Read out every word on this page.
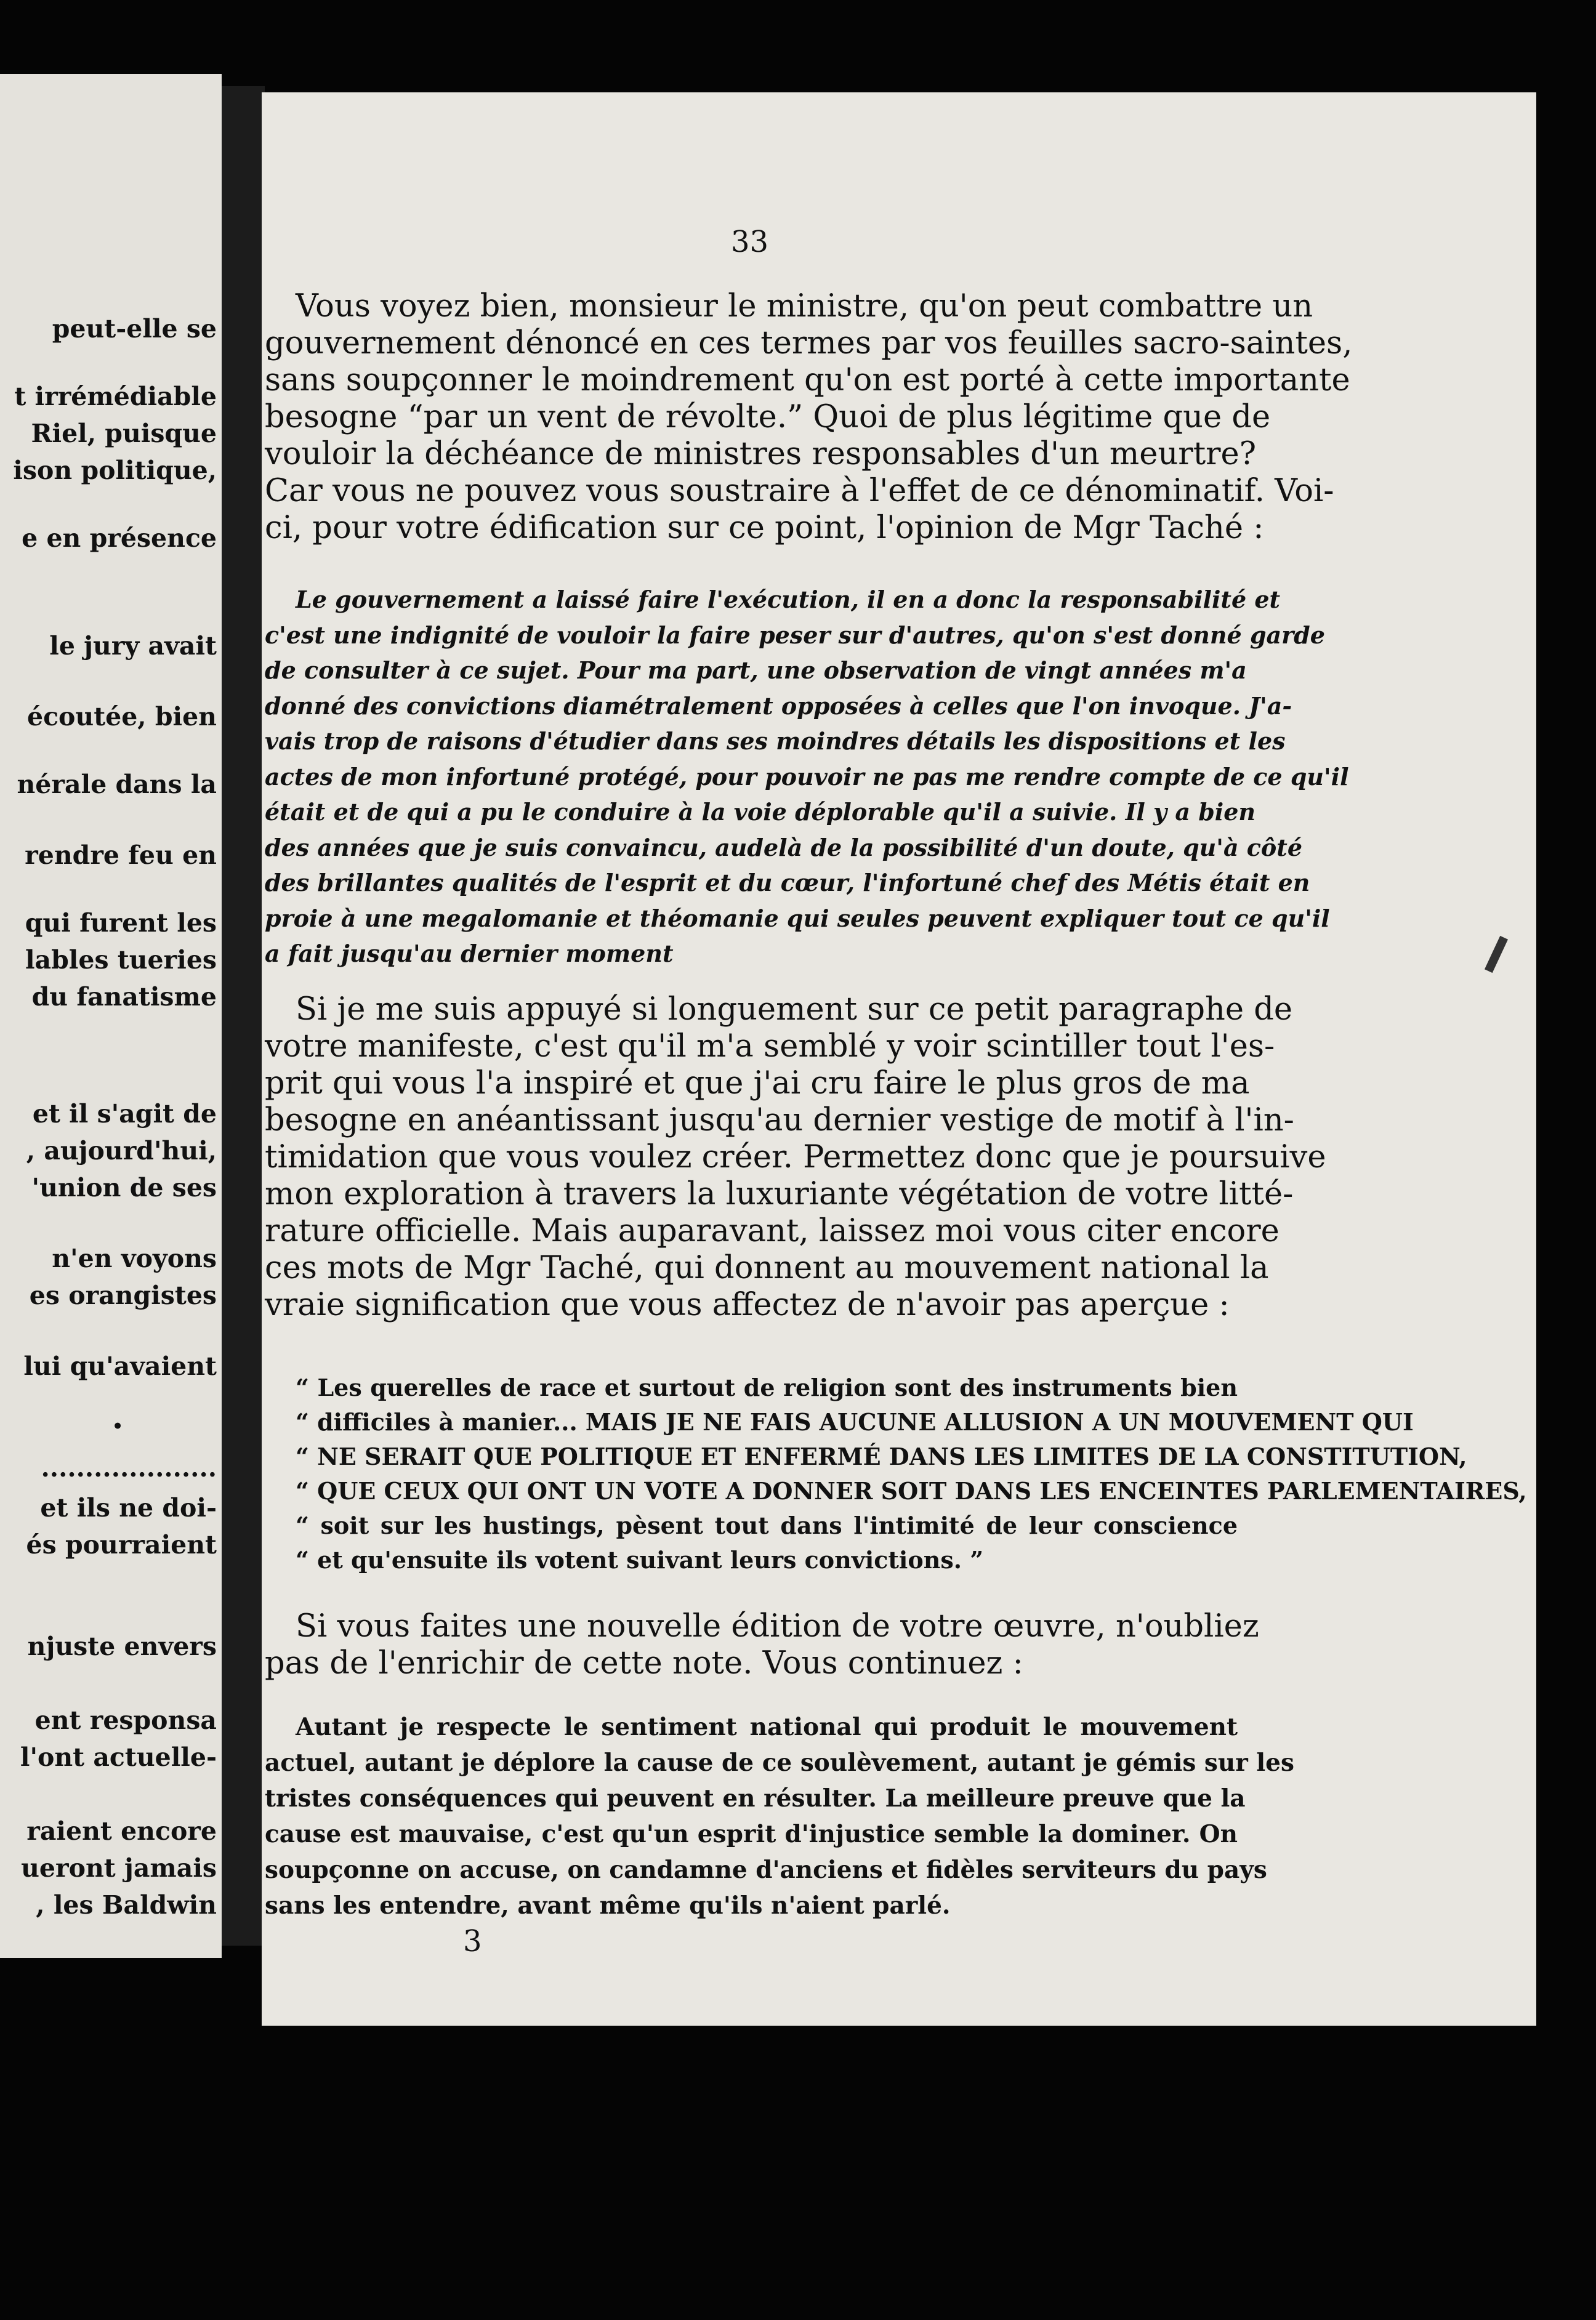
peut-elle se
t irrémédiable
Riel, puisque
ison politique,
e en présence
le jury avait
écoutée, bien
nérale dans la
rendre feu en
qui furent les
lables tueries
du fanatisme
et il s'agit de
, aujourd'hui,
'union de ses
n'en voyons
es orangistes
lui qu'avaient
•
....................
et ils ne doi-
és pourraient
njuste envers
ent responsa
l'ont actuelle-
raient encore
ueront jamais
, les Baldwin
33
Vous voyez bien, monsieur le ministre, qu'on peut combattre un
gouvernement dénoncé en ces termes par vos feuilles sacro-saintes,
sans soupçonner le moindrement qu'on est porté à cette importante
besogne “par un vent de révolte.” Quoi de plus légitime que de
vouloir la déchéance de ministres responsables d'un meurtre?
Car vous ne pouvez vous soustraire à l'effet de ce dénominatif. Voi-
ci, pour votre édification sur ce point, l'opinion de Mgr Taché :
Le gouvernement a laissé faire l'exécution, il en a donc la responsabilité et
c'est une indignité de vouloir la faire peser sur d'autres, qu'on s'est donné garde
de consulter à ce sujet. Pour ma part, une observation de vingt années m'a
donné des convictions diamétralement opposées à celles que l'on invoque. J'a-
vais trop de raisons d'étudier dans ses moindres détails les dispositions et les
actes de mon infortuné protégé, pour pouvoir ne pas me rendre compte de ce qu'il
était et de qui a pu le conduire à la voie déplorable qu'il a suivie. Il y a bien
des années que je suis convaincu, audelà de la possibilité d'un doute, qu'à côté
des brillantes qualités de l'esprit et du cœur, l'infortuné chef des Métis était en
proie à une megalomanie et théomanie qui seules peuvent expliquer tout ce qu'il
a fait jusqu'au dernier moment
Si je me suis appuyé si longuement sur ce petit paragraphe de
votre manifeste, c'est qu'il m'a semblé y voir scintiller tout l'es-
prit qui vous l'a inspiré et que j'ai cru faire le plus gros de ma
besogne en anéantissant jusqu'au dernier vestige de motif à l'in-
timidation que vous voulez créer. Permettez donc que je poursuive
mon exploration à travers la luxuriante végétation de votre litté-
rature officielle. Mais auparavant, laissez moi vous citer encore
ces mots de Mgr Taché, qui donnent au mouvement national la
vraie signification que vous affectez de n'avoir pas aperçue :
“ Les querelles de race et surtout de religion sont des instruments bien
“ difficiles à manier... MAIS JE NE FAIS AUCUNE ALLUSION A UN MOUVEMENT QUI
“ NE SERAIT QUE POLITIQUE ET ENFERMÉ DANS LES LIMITES DE LA CONSTITUTION,
“ QUE CEUX QUI ONT UN VOTE A DONNER SOIT DANS LES ENCEINTES PARLEMENTAIRES,
“ soit sur les hustings, pèsent tout dans l'intimité de leur conscience
“ et qu'ensuite ils votent suivant leurs convictions. ”
Si vous faites une nouvelle édition de votre œuvre, n'oubliez
pas de l'enrichir de cette note. Vous continuez :
Autant je respecte le sentiment national qui produit le mouvement
actuel, autant je déplore la cause de ce soulèvement, autant je gémis sur les
tristes conséquences qui peuvent en résulter. La meilleure preuve que la
cause est mauvaise, c'est qu'un esprit d'injustice semble la dominer. On
soupçonne on accuse, on candamne d'anciens et fidèles serviteurs du pays
sans les entendre, avant même qu'ils n'aient parlé.
3
